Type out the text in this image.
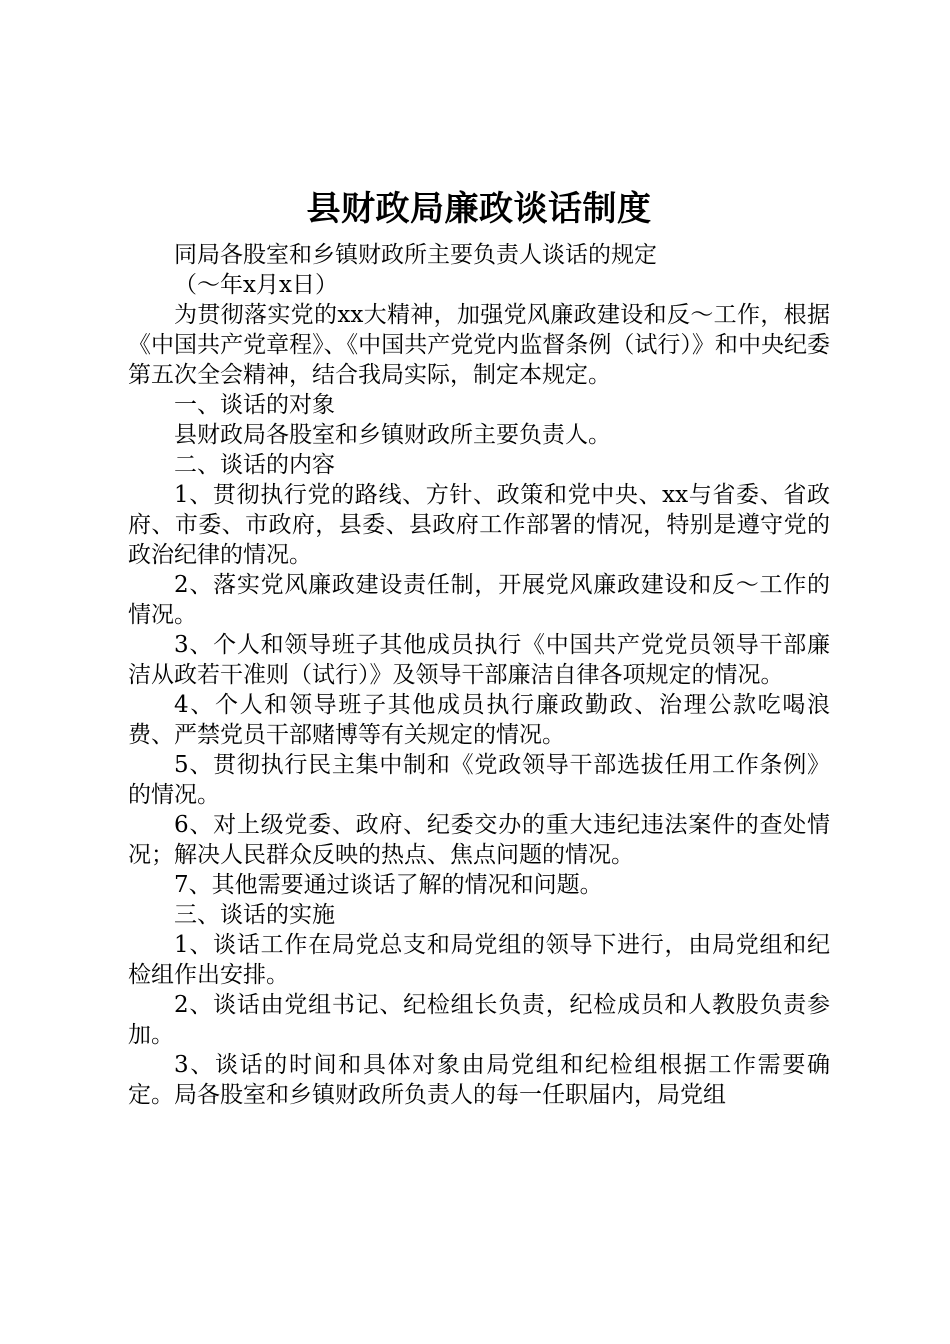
县财政局廉政谈话制度

同局各股室和乡镇财政所主要负责人谈话的规定

（～年x月x日）

为贯彻落实党的xx大精神，加强党风廉政建设和反～工作，根据《中国共产党章程》、《中国共产党党内监督条例（试行）》和中央纪委第五次全会精神，结合我局实际，制定本规定。

一、谈话的对象

县财政局各股室和乡镇财政所主要负责人。

二、谈话的内容

1、贯彻执行党的路线、方针、政策和党中央、xx与省委、省政府、市委、市政府，县委、县政府工作部署的情况，特别是遵守党的政治纪律的情况。

2、落实党风廉政建设责任制，开展党风廉政建设和反～工作的情况。

3、个人和领导班子其他成员执行《中国共产党党员领导干部廉洁从政若干准则（试行）》及领导干部廉洁自律各项规定的情况。

4、个人和领导班子其他成员执行廉政勤政、治理公款吃喝浪费、严禁党员干部赌博等有关规定的情况。

5、贯彻执行民主集中制和《党政领导干部选拔任用工作条例》的情况。

6、对上级党委、政府、纪委交办的重大违纪违法案件的查处情况；解决人民群众反映的热点、焦点问题的情况。

7、其他需要通过谈话了解的情况和问题。

三、谈话的实施

1、谈话工作在局党总支和局党组的领导下进行，由局党组和纪检组作出安排。

2、谈话由党组书记、纪检组长负责，纪检成员和人教股负责参加。

3、谈话的时间和具体对象由局党组和纪检组根据工作需要确定。局各股室和乡镇财政所负责人的每一任职届内，局党组
